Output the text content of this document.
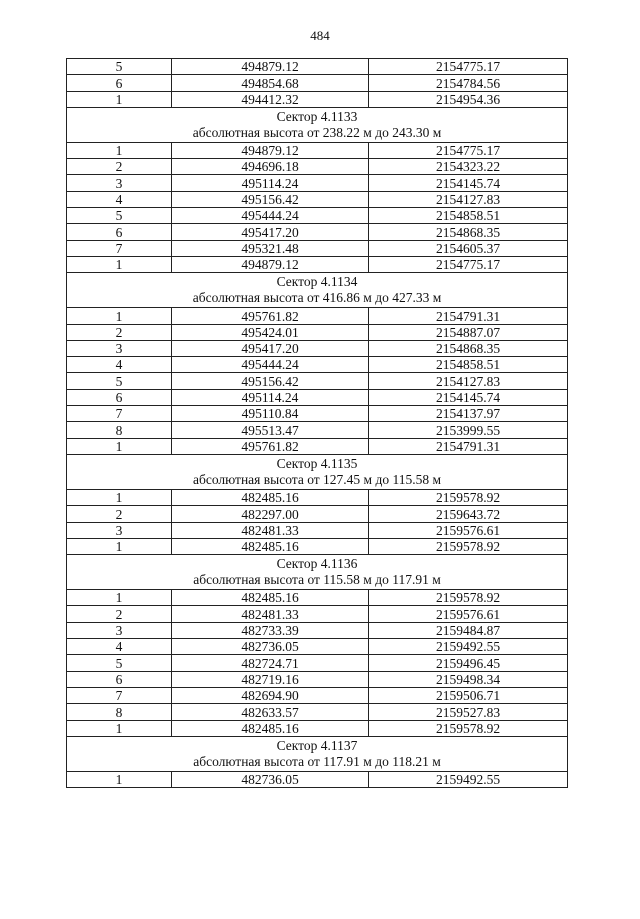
484
5	494879.12	2154775.17
6	494854.68	2154784.56
1	494412.32	2154954.36

Сектор 4.1133
абсолютная высота от 238.22 м до 243.30 м		

1	494879.12	2154775.17
2	494696.18	2154323.22
3	495114.24	2154145.74
4	495156.42	2154127.83
5	495444.24	2154858.51
6	495417.20	2154868.35
7	495321.48	2154605.37
1	494879.12	2154775.17

Сектор 4.1134
абсолютная высота от 416.86 м до 427.33 м		

1	495761.82	2154791.31
2	495424.01	2154887.07
3	495417.20	2154868.35
4	495444.24	2154858.51
5	495156.42	2154127.83
6	495114.24	2154145.74
7	495110.84	2154137.97
8	495513.47	2153999.55
1	495761.82	2154791.31

Сектор 4.1135
абсолютная высота от 127.45 м до 115.58 м		

1	482485.16	2159578.92
2	482297.00	2159643.72
3	482481.33	2159576.61
1	482485.16	2159578.92

Сектор 4.1136
абсолютная высота от 115.58 м до 117.91 м		

1	482485.16	2159578.92
2	482481.33	2159576.61
3	482733.39	2159484.87
4	482736.05	2159492.55
5	482724.71	2159496.45
6	482719.16	2159498.34
7	482694.90	2159506.71
8	482633.57	2159527.83
1	482485.16	2159578.92

Сектор 4.1137
абсолютная высота от 117.91 м до 118.21 м		

1	482736.05	2159492.55
